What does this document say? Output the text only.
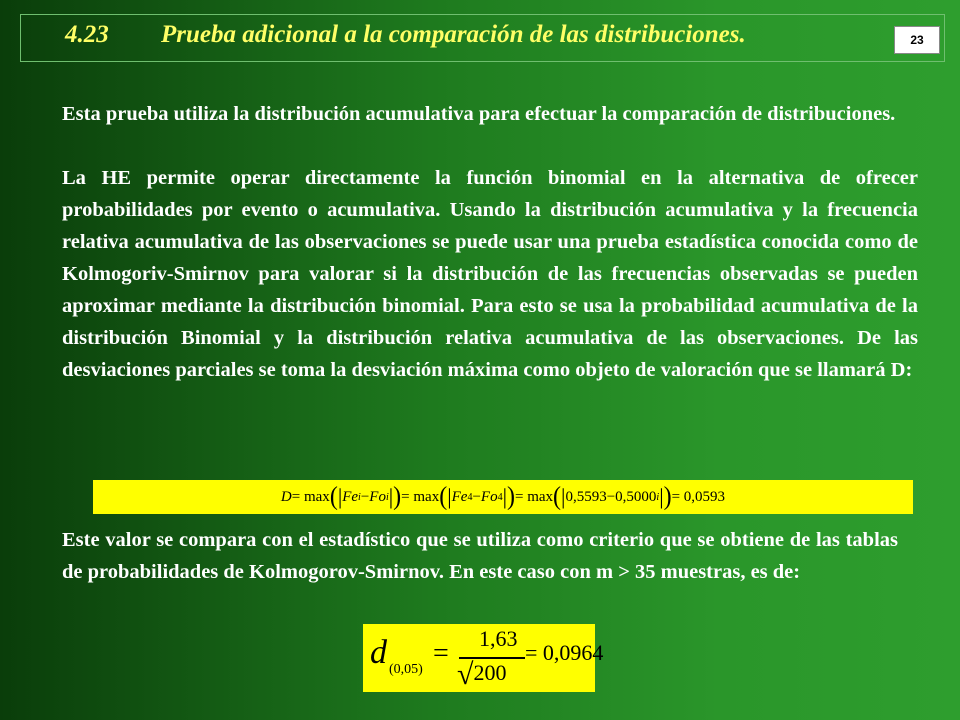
4.23 Prueba adicional a la comparación de las distribuciones.	23

Esta prueba utiliza la distribución acumulativa para efectuar la comparación de distribuciones.

La HE permite operar directamente la función binomial en la alternativa de ofrecer probabilidades por evento o acumulativa. Usando la distribución acumulativa y la frecuencia relativa acumulativa de las observaciones se puede usar una prueba estadística conocida como de Kolmogoriv-Smirnov para valorar si la distribución de las frecuencias observadas se pueden aproximar mediante la distribución binomial. Para esto se usa la probabilidad acumulativa de la distribución Binomial y la distribución relativa acumulativa de las observaciones. De las desviaciones parciales se toma la desviación máxima como objeto de valoración que se llamará D:

D = max ( | Fe i − Fo i | ) = max ( | Fe 4 − Fo 4 | ) = max ( | 0,5593 − 0,5000 i | ) = 0,0593

Este valor se compara con el estadístico que se utiliza como criterio que se obtiene de las tablas de probabilidades de Kolmogorov-Smirnov. En este caso con m > 35 muestras, es de:

d (0,05)
= 1,63
√200
= 0,0964
